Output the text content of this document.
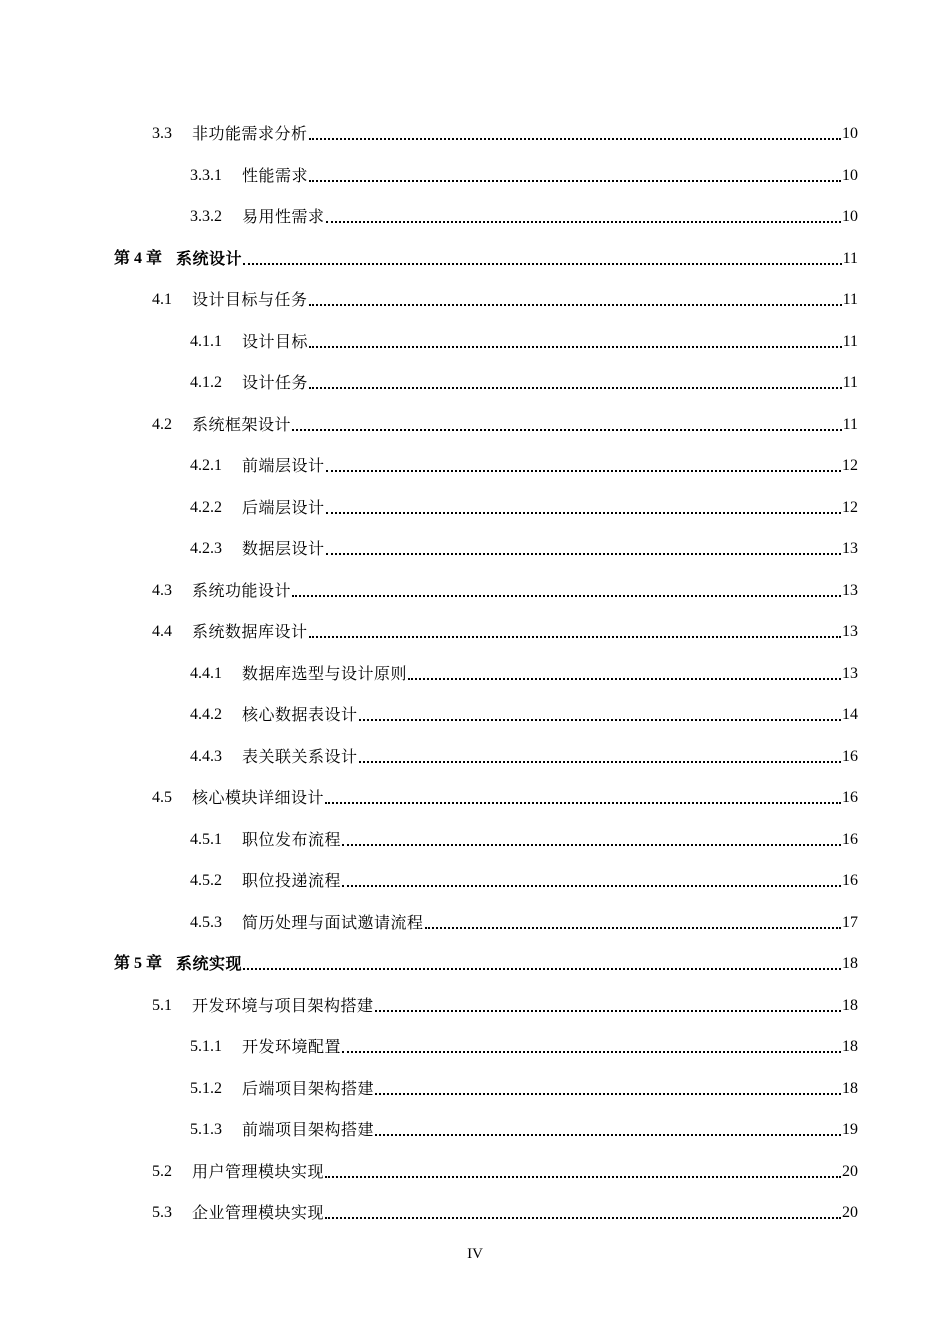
3.3 非功能需求分析	10
3.3.1 性能需求	10
3.3.2 易用性需求	10
第 4 章 系统设计	11
4.1 设计目标与任务	11
4.1.1 设计目标	11
4.1.2 设计任务	11
4.2 系统框架设计	11
4.2.1 前端层设计	12
4.2.2 后端层设计	12
4.2.3 数据层设计	13
4.3 系统功能设计	13
4.4 系统数据库设计	13
4.4.1 数据库选型与设计原则	13
4.4.2 核心数据表设计	14
4.4.3 表关联关系设计	16
4.5 核心模块详细设计	16
4.5.1 职位发布流程	16
4.5.2 职位投递流程	16
4.5.3 简历处理与面试邀请流程	17
第 5 章 系统实现	18
5.1 开发环境与项目架构搭建	18
5.1.1 开发环境配置	18
5.1.2 后端项目架构搭建	18
5.1.3 前端项目架构搭建	19
5.2 用户管理模块实现	20
5.3 企业管理模块实现	20
IV
